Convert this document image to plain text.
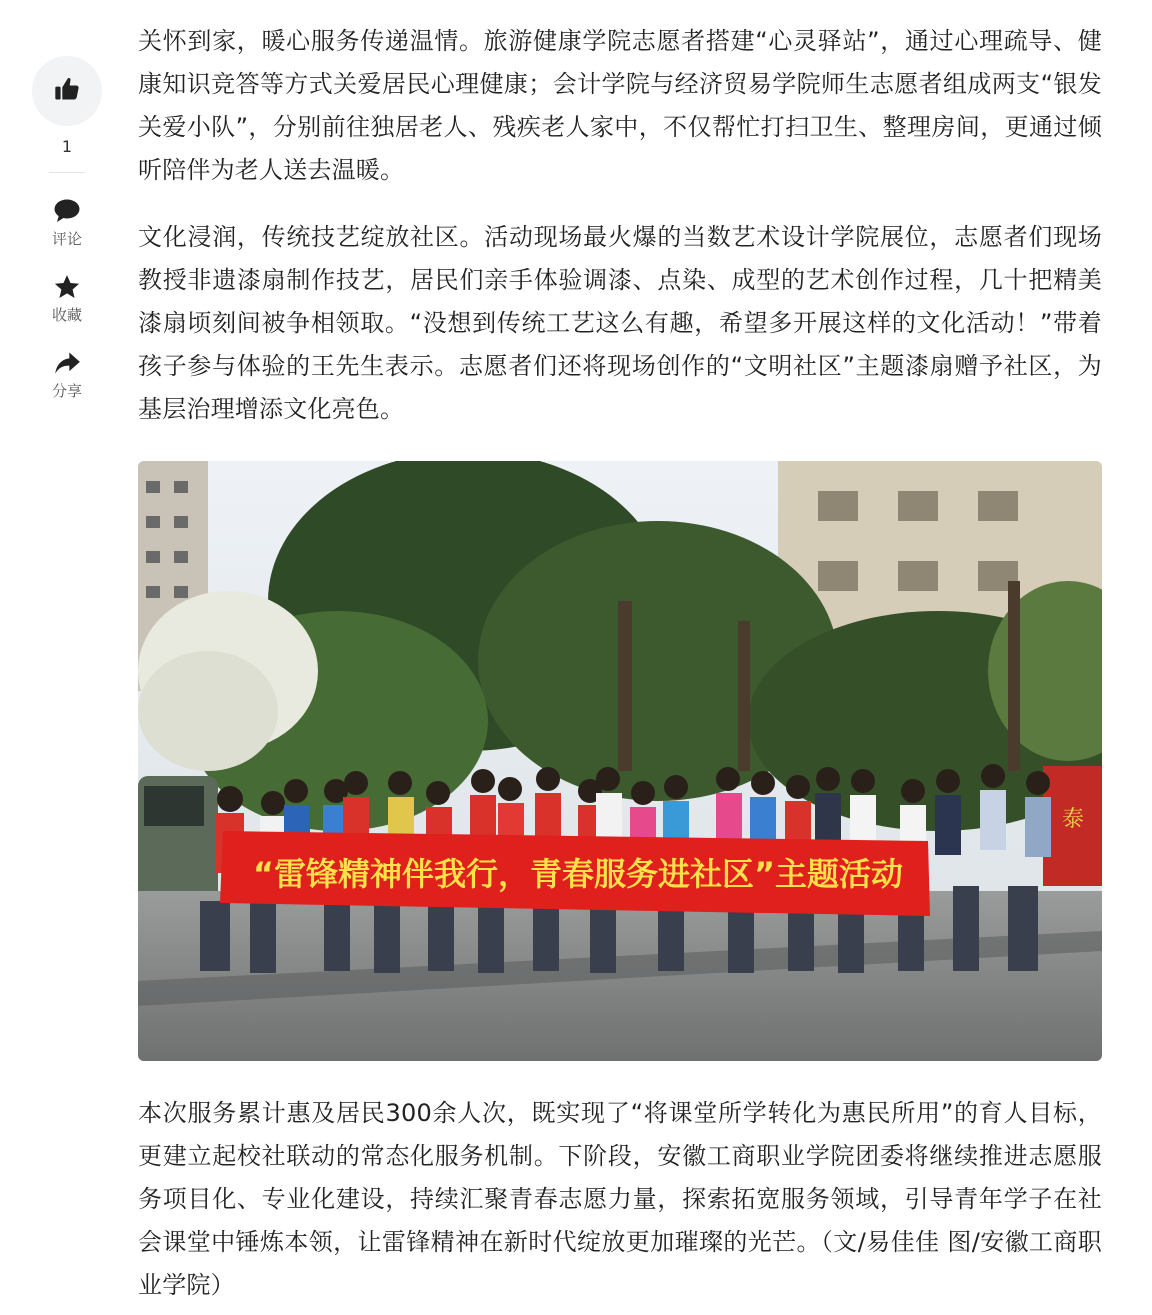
1
评论
收藏
分享

关怀到家，暖心服务传递温情。旅游健康学院志愿者搭建“心灵驿站”，通过心理疏导、健康知识竞答等方式关爱居民心理健康；会计学院与经济贸易学院师生志愿者组成两支“银发关爱小队”，分别前往独居老人、残疾老人家中，不仅帮忙打扫卫生、整理房间，更通过倾听陪伴为老人送去温暖。

文化浸润，传统技艺绽放社区。活动现场最火爆的当数艺术设计学院展位，志愿者们现场教授非遗漆扇制作技艺，居民们亲手体验调漆、点染、成型的艺术创作过程，几十把精美漆扇顷刻间被争相领取。“没想到传统工艺这么有趣，希望多开展这样的文化活动！”带着孩子参与体验的王先生表示。志愿者们还将现场创作的“文明社区”主题漆扇赠予社区，为基层治理增添文化亮色。

泰
“雷锋精神伴我行，青春服务进社区”主题活动

本次服务累计惠及居民300余人次，既实现了“将课堂所学转化为惠民所用”的育人目标，更建立起校社联动的常态化服务机制。下阶段，安徽工商职业学院团委将继续推进志愿服务项目化、专业化建设，持续汇聚青春志愿力量，探索拓宽服务领域，引导青年学子在社会课堂中锤炼本领，让雷锋精神在新时代绽放更加璀璨的光芒。（文/易佳佳 图/安徽工商职业学院）
